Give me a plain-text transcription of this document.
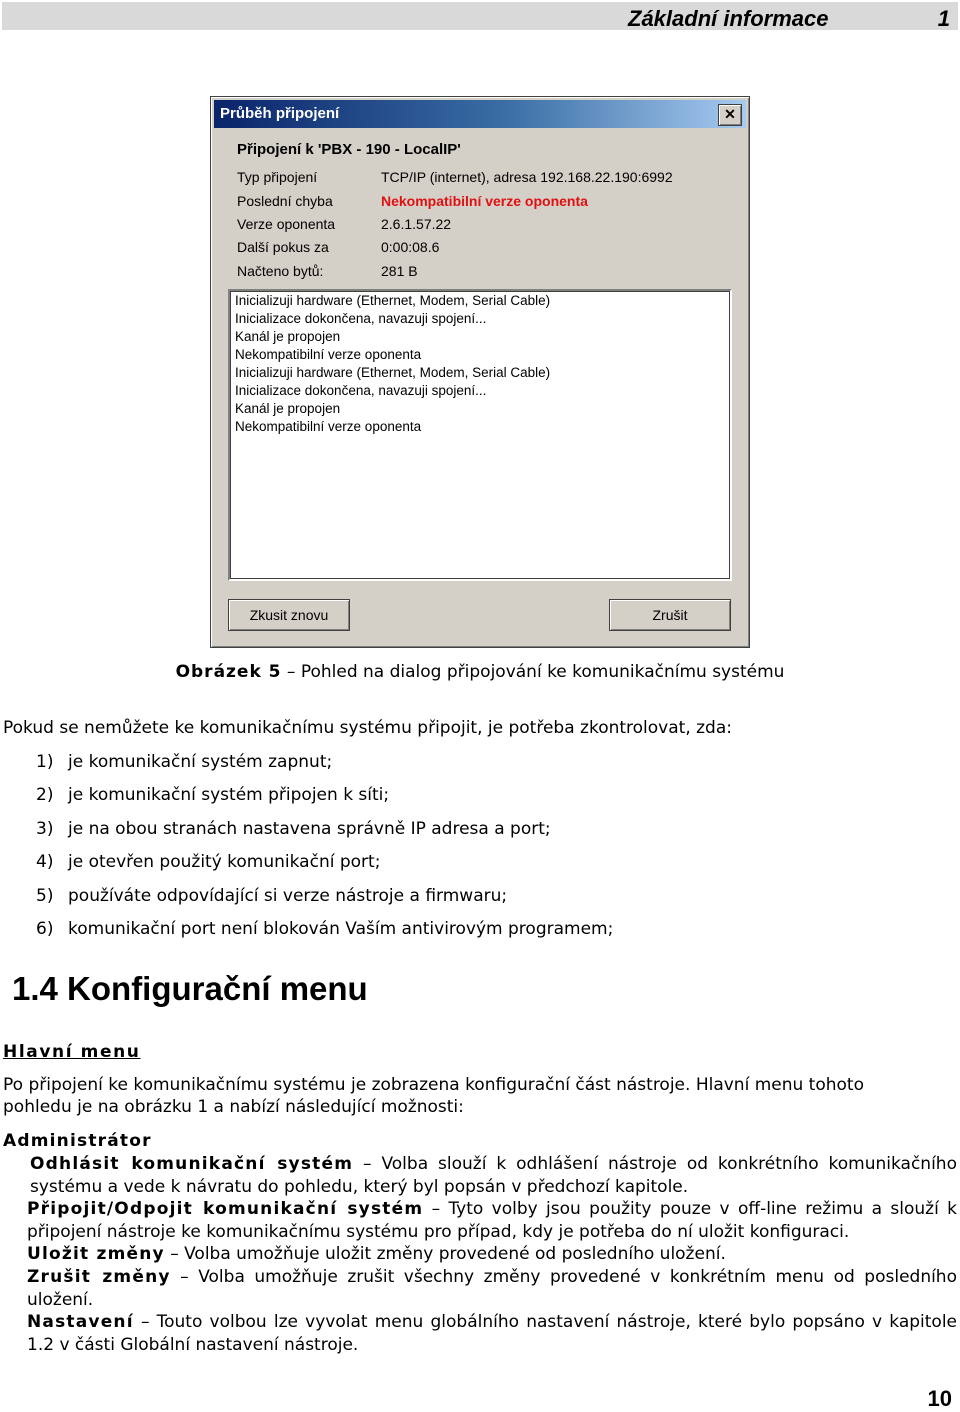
Základní informace	1
Průběh připojení	✕
Připojení k 'PBX - 190 - LocalIP'
Typ připojení	TCP/IP (internet), adresa 192.168.22.190:6992
Poslední chyba	Nekompatibilní verze oponenta
Verze oponenta	2.6.1.57.22
Další pokus za	0:00:08.6
Načteno bytů:	281 B
Inicializuji hardware (Ethernet, Modem, Serial Cable)
Inicializace dokončena, navazuji spojení...
Kanál je propojen
Nekompatibilní verze oponenta
Inicializuji hardware (Ethernet, Modem, Serial Cable)
Inicializace dokončena, navazuji spojení...
Kanál je propojen
Nekompatibilní verze oponenta
Zkusit znovu	Zrušit
Obrázek 5 – Pohled na dialog připojování ke komunikačnímu systému
Pokud se nemůžete ke komunikačnímu systému připojit, je potřeba zkontrolovat, zda:
1) je komunikační systém zapnut;
2) je komunikační systém připojen k síti;
3) je na obou stranách nastavena správně IP adresa a port;
4) je otevřen použitý komunikační port;
5) používáte odpovídající si verze nástroje a firmwaru;
6) komunikační port není blokován Vaším antivirovým programem;
1.4 Konfigurační menu
Hlavní menu
Po připojení ke komunikačnímu systému je zobrazena konfigurační část nástroje. Hlavní menu tohoto
pohledu je na obrázku 1 a nabízí následující možnosti:
Administrátor
Odhlásit komunikační systém – Volba slouží k odhlášení nástroje od konkrétního komunikačního systému a vede k návratu do pohledu, který byl popsán v předchozí kapitole.
Připojit/Odpojit komunikační systém – Tyto volby jsou použity pouze v off-line režimu a slouží k připojení nástroje ke komunikačnímu systému pro případ, kdy je potřeba do ní uložit konfiguraci.
Uložit změny – Volba umožňuje uložit změny provedené od posledního uložení.
Zrušit změny – Volba umožňuje zrušit všechny změny provedené v konkrétním menu od posledního uložení.
Nastavení – Touto volbou lze vyvolat menu globálního nastavení nástroje, které bylo popsáno v kapitole 1.2 v části Globální nastavení nástroje.
10
